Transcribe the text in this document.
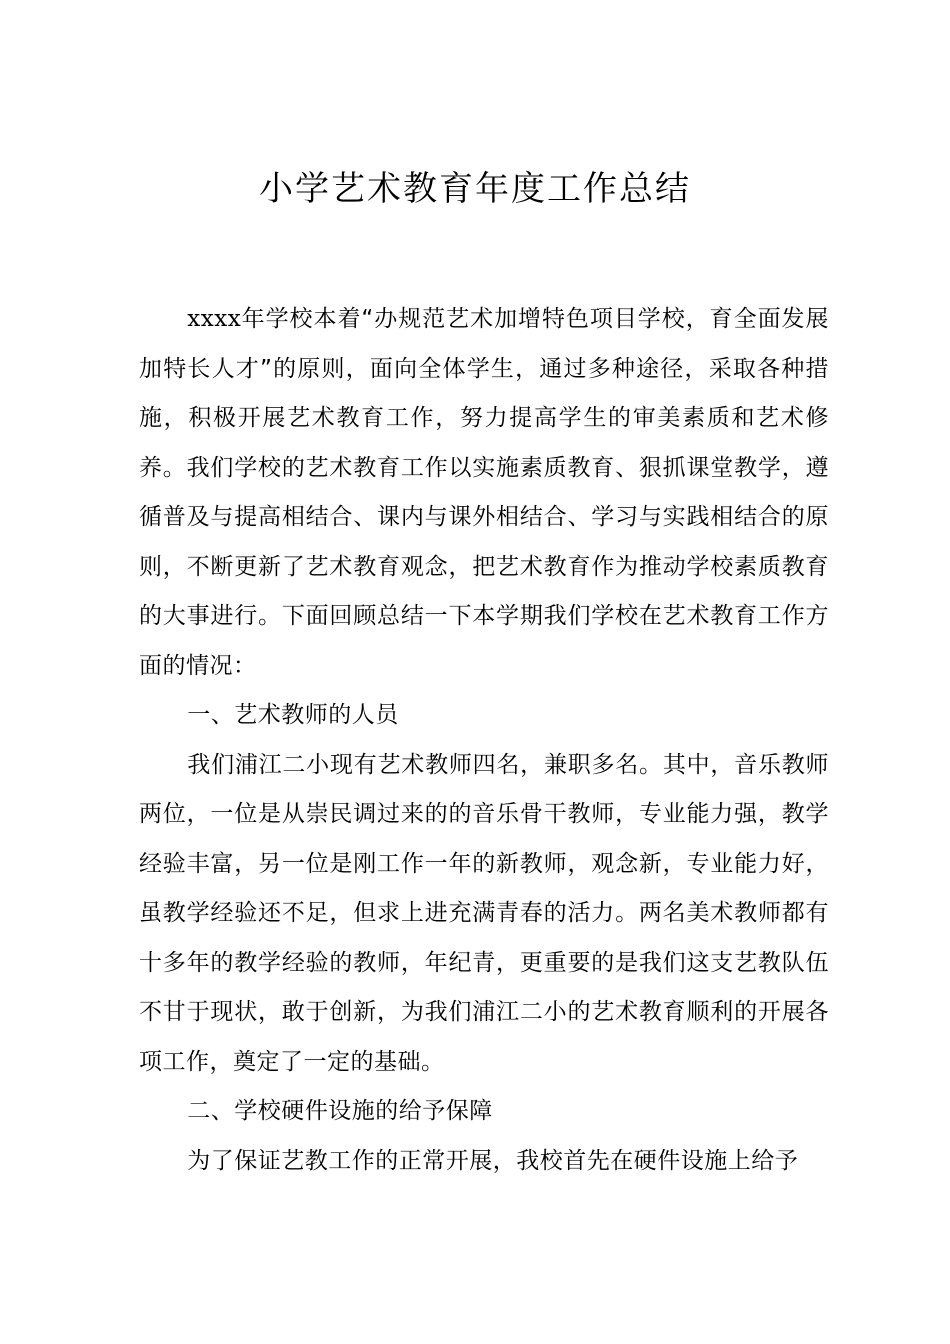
小学艺术教育年度工作总结

xxxx年学校本着“办规范艺术加增特色项目学校，育全面发展加特长人才”的原则，面向全体学生，通过多种途径，采取各种措施，积极开展艺术教育工作，努力提高学生的审美素质和艺术修养。我们学校的艺术教育工作以实施素质教育、狠抓课堂教学，遵循普及与提高相结合、课内与课外相结合、学习与实践相结合的原则，不断更新了艺术教育观念，把艺术教育作为推动学校素质教育的大事进行。下面回顾总结一下本学期我们学校在艺术教育工作方面的情况：

一、艺术教师的人员

我们浦江二小现有艺术教师四名，兼职多名。其中，音乐教师两位，一位是从崇民调过来的的音乐骨干教师，专业能力强，教学经验丰富，另一位是刚工作一年的新教师，观念新，专业能力好，虽教学经验还不足，但求上进充满青春的活力。两名美术教师都有十多年的教学经验的教师，年纪青，更重要的是我们这支艺教队伍不甘于现状，敢于创新，为我们浦江二小的艺术教育顺利的开展各项工作，奠定了一定的基础。

二、学校硬件设施的给予保障

为了保证艺教工作的正常开展，我校首先在硬件设施上给予
